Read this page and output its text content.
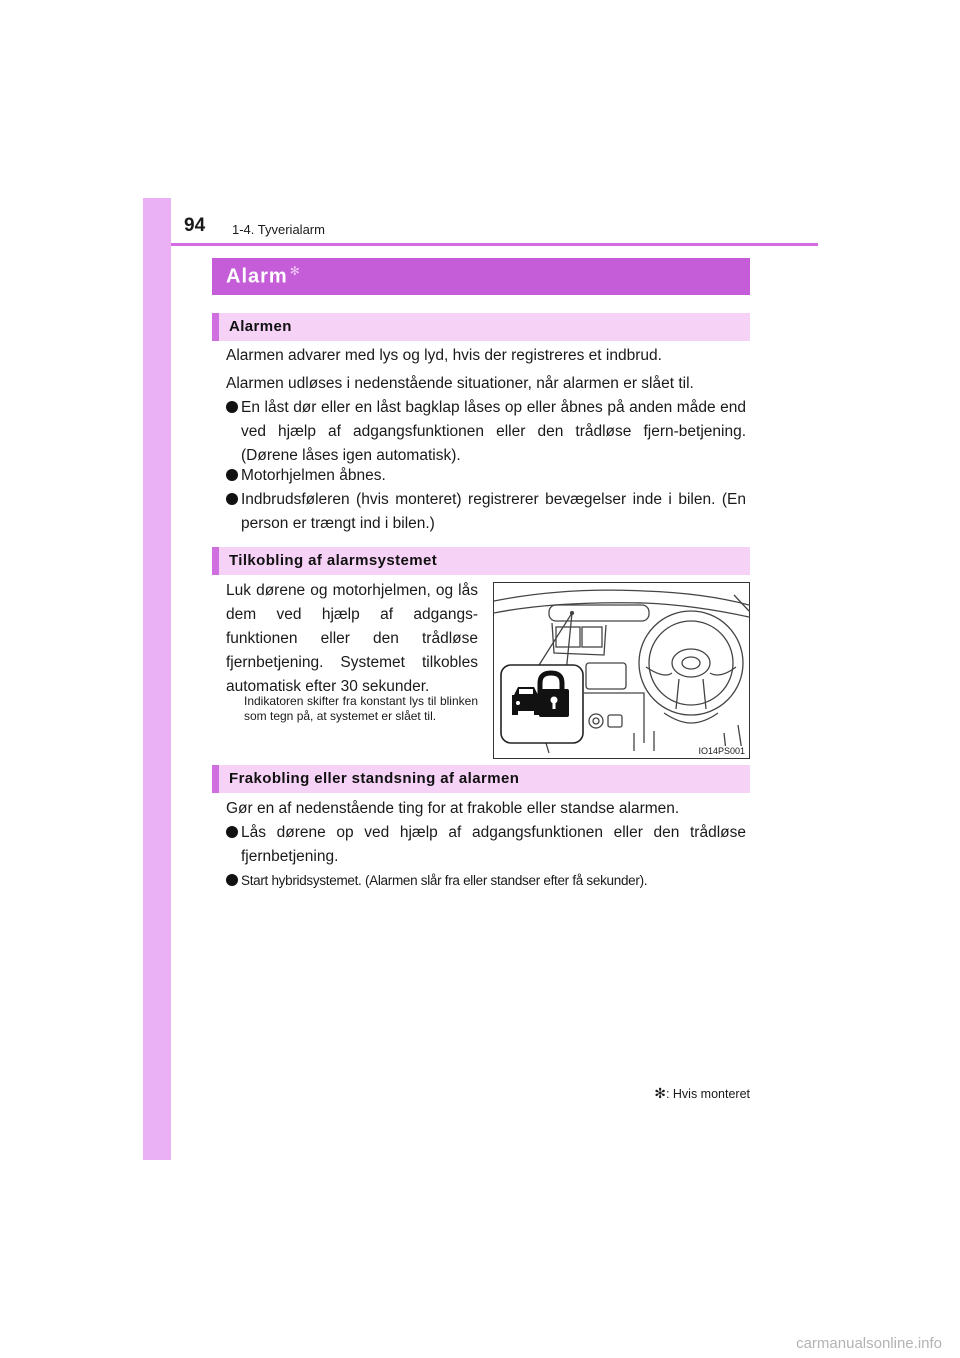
94 1-4. Tyverialarm
Alarm ✻
Alarmen

Alarmen advarer med lys og lyd, hvis der registreres et indbrud.

Alarmen udløses i nedenstående situationer, når alarmen er slået til.

En låst dør eller en låst bagklap låses op eller åbnes på anden måde end ved hjælp af adgangsfunktionen eller den trådløse fjern-betjening. (Dørene låses igen automatisk).
Motorhjelmen åbnes.
Indbrudsføleren (hvis monteret) registrerer bevægelser inde i bilen. (En person er trængt ind i bilen.)
Tilkobling af alarmsystemet

Luk dørene og motorhjelmen, og lås dem ved hjælp af adgangs-funktionen eller den trådløse fjernbetjening. Systemet tilkobles automatisk efter 30 sekunder.

Indikatoren skifter fra konstant lys til blinken som tegn på, at systemet er slået til.

IO14PS001
Frakobling eller standsning af alarmen

Gør en af nedenstående ting for at frakoble eller standse alarmen.

Lås dørene op ved hjælp af adgangsfunktionen eller den trådløse fjernbetjening.
Start hybridsystemet. (Alarmen slår fra eller standser efter få sekunder).
✻: Hvis monteret
carmanualsonline.info
